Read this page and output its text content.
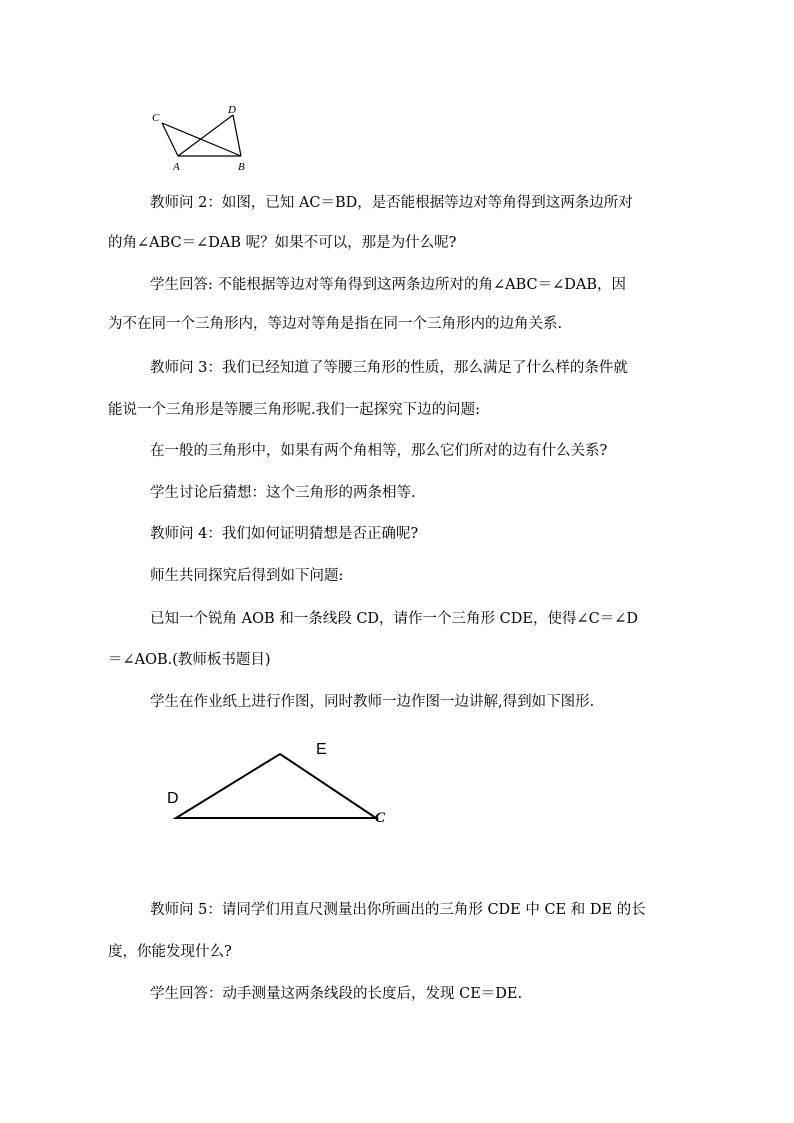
C
D
A	B
教师问 2：如图，已知 AC＝BD，是否能根据等边对等角得到这两条边所对
的角∠ABC＝∠DAB 呢？如果不可以，那是为什么呢?
学生回答: 不能根据等边对等角得到这两条边所对的角∠ABC＝∠DAB，因
为不在同一个三角形内，等边对等角是指在同一个三角形内的边角关系.
教师问 3：我们已经知道了等腰三角形的性质，那么满足了什么样的条件就
能说一个三角形是等腰三角形呢.我们一起探究下边的问题:
在一般的三角形中，如果有两个角相等，那么它们所对的边有什么关系?
学生讨论后猜想：这个三角形的两条相等.
教师问 4：我们如何证明猜想是否正确呢?
师生共同探究后得到如下问题:
已知一个锐角 AOB 和一条线段 CD，请作一个三角形 CDE，使得∠C＝∠D
＝∠AOB.(教师板书题目)
学生在作业纸上进行作图，同时教师一边作图一边讲解,得到如下图形.
E
D
C
教师问 5：请同学们用直尺测量出你所画出的三角形 CDE 中 CE 和 DE 的长
度，你能发现什么?
学生回答：动手测量这两条线段的长度后，发现 CE＝DE.
